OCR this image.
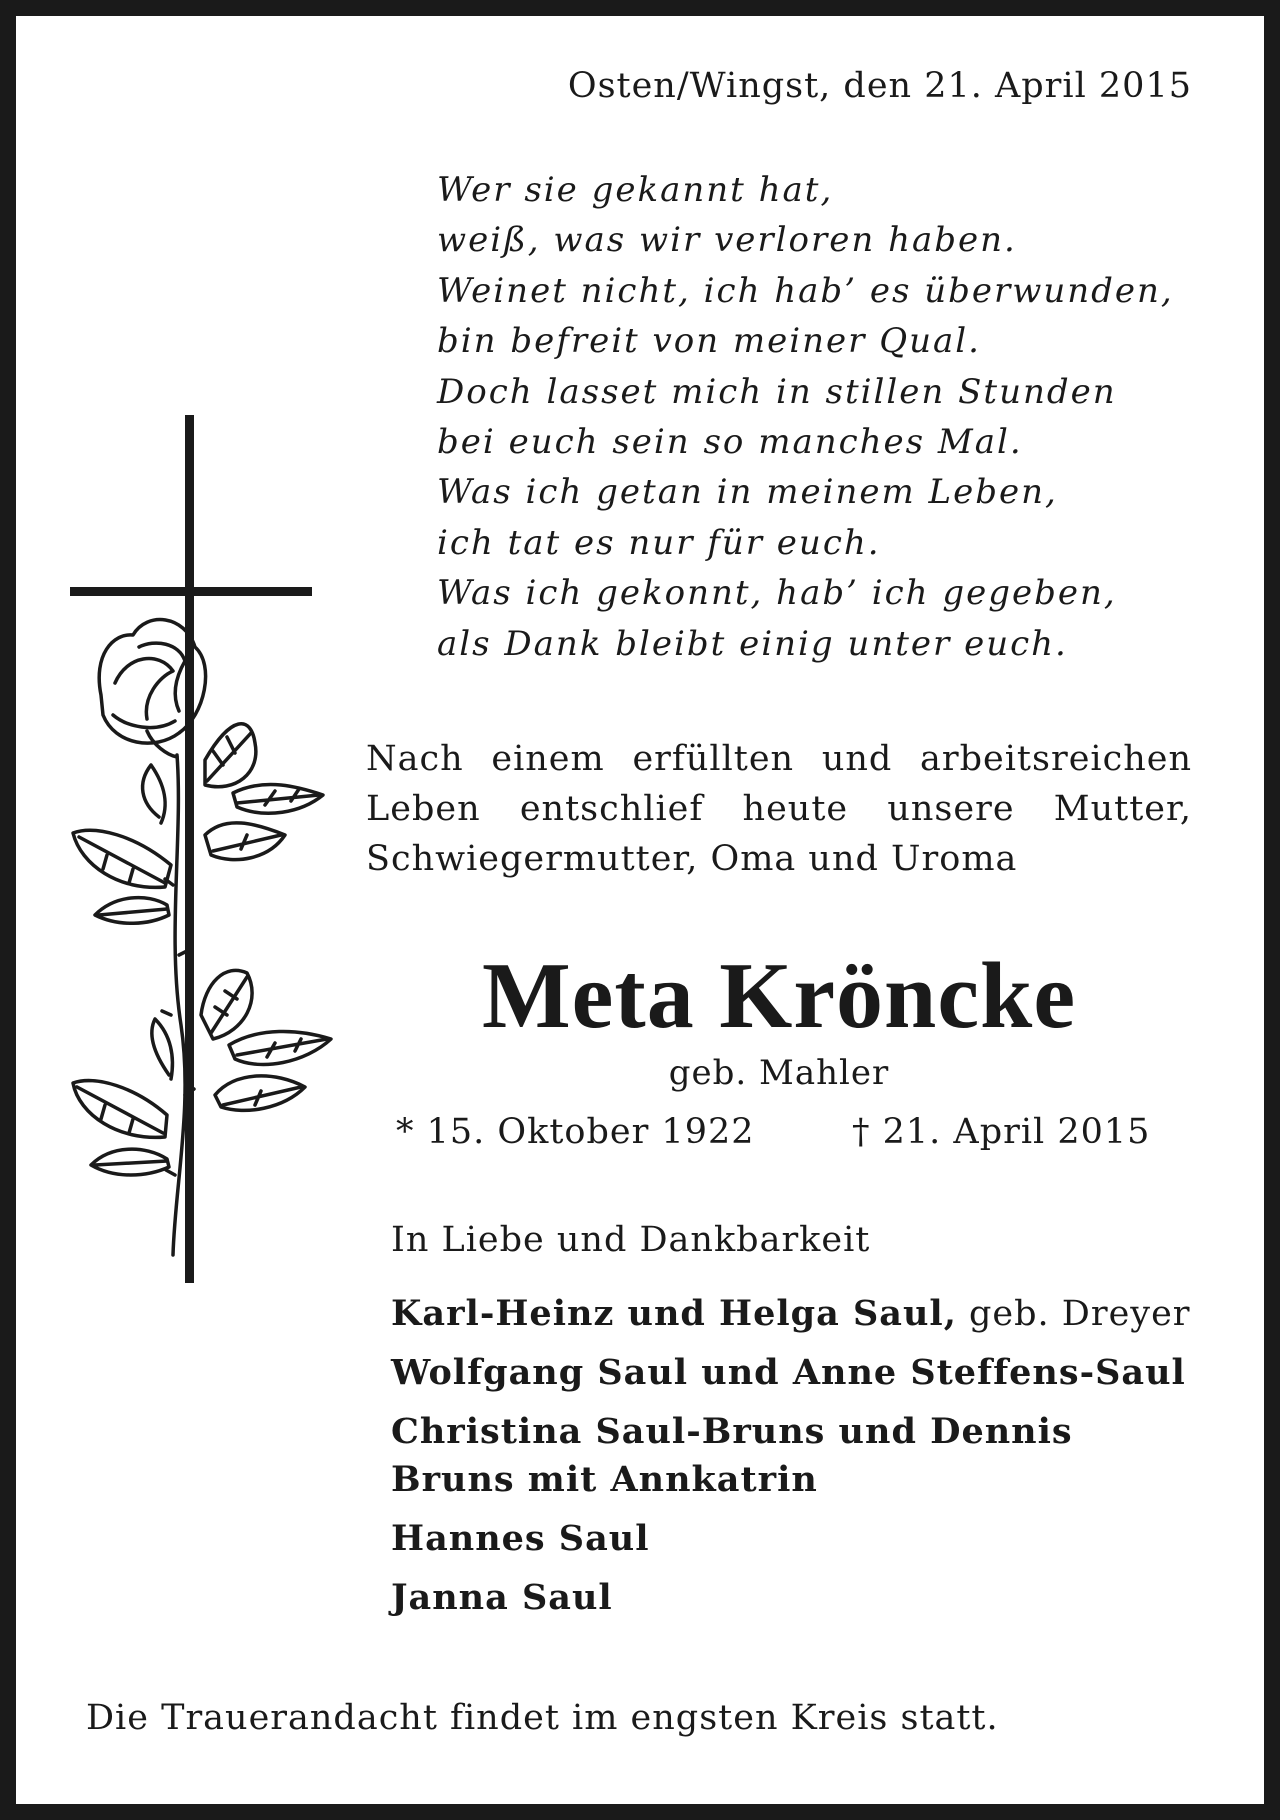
Osten/Wingst, den 21. April 2015
Wer sie gekannt hat,
weiß, was wir verloren haben.
Weinet nicht, ich hab’ es überwunden,
bin befreit von meiner Qual.
Doch lasset mich in stillen Stunden
bei euch sein so manches Mal.
Was ich getan in meinem Leben,
ich tat es nur für euch.
Was ich gekonnt, hab’ ich gegeben,
als Dank bleibt einig unter euch.
Nach einem erfüllten und arbeitsreichen
Leben entschlief heute unsere Mutter,
Schwiegermutter, Oma und Uroma
Meta Kröncke
geb. Mahler
* 15. Oktober 1922	† 21. April 2015
In Liebe und Dankbarkeit
Karl-Heinz und Helga Saul, geb. Dreyer
Wolfgang Saul und Anne Steffens-Saul
Christina Saul-Bruns und Dennis Bruns mit Annkatrin
Hannes Saul
Janna Saul
Die Trauerandacht findet im engsten Kreis statt.
